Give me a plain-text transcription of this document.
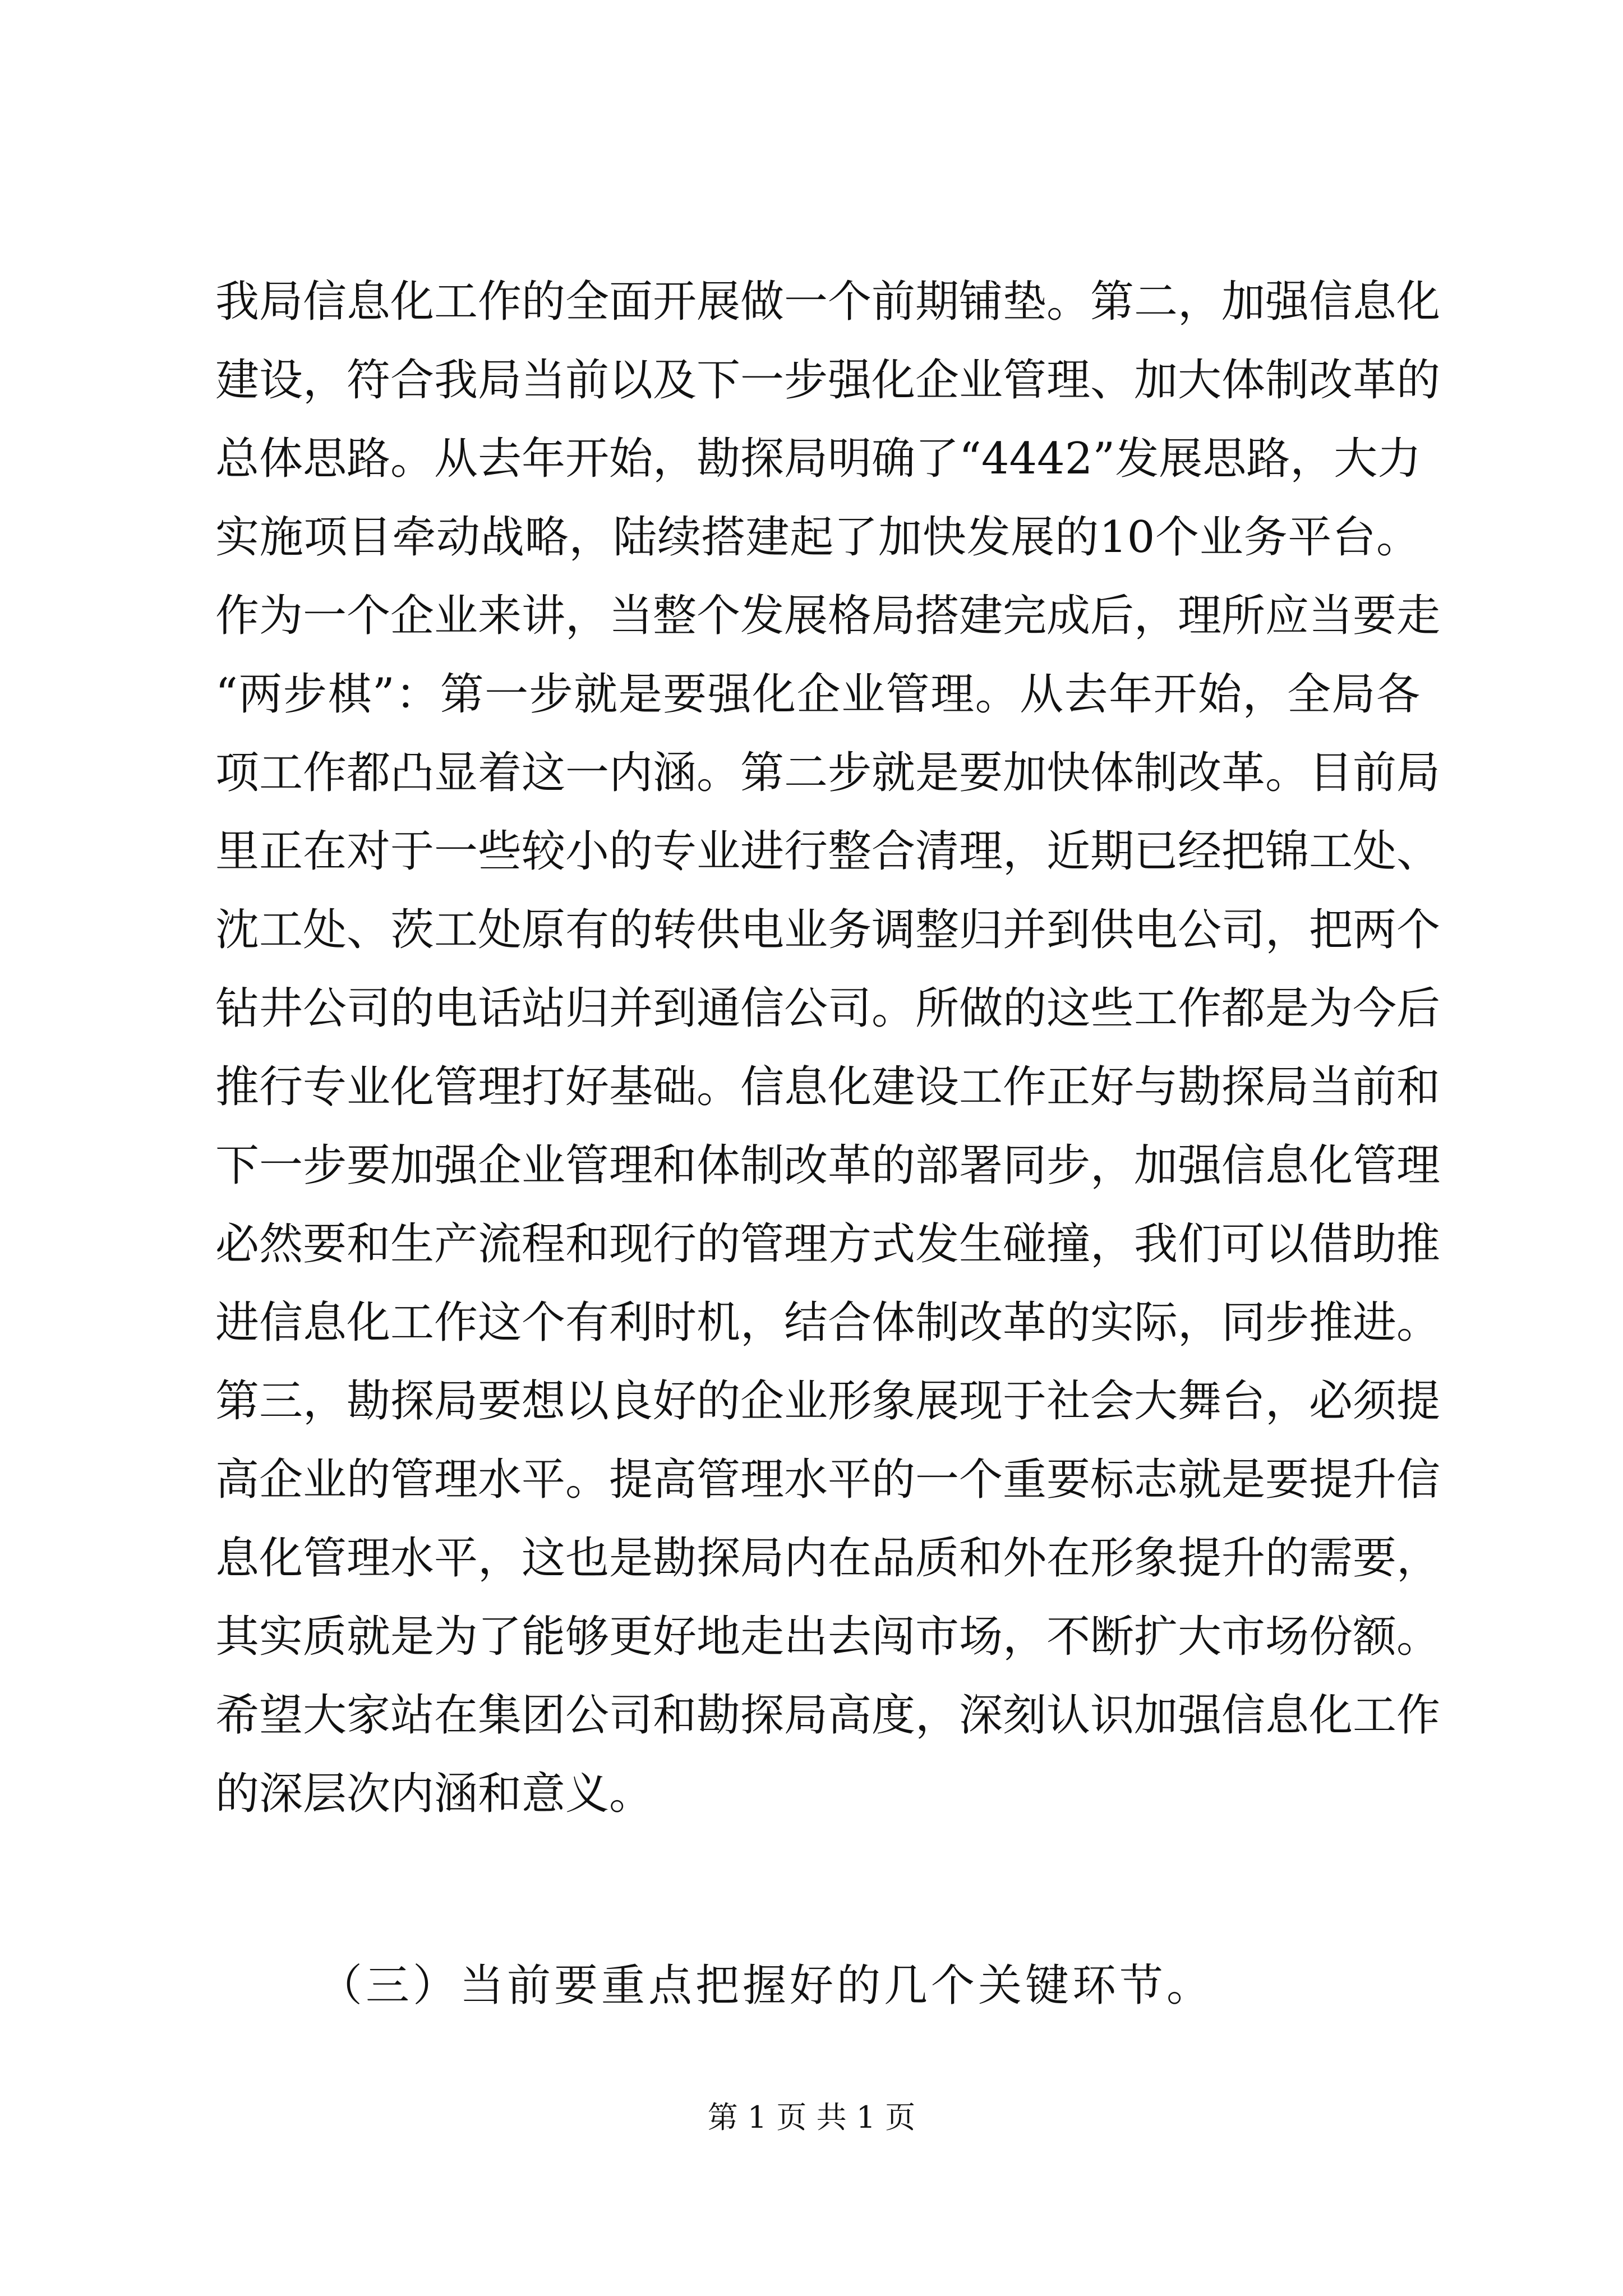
我局信息化工作的全面开展做一个前期铺垫。第二，加强信息化
建设，符合我局当前以及下一步强化企业管理、加大体制改革的
总体思路。从去年开始，勘探局明确了“4442”发展思路，大力
实施项目牵动战略，陆续搭建起了加快发展的10个业务平台。
作为一个企业来讲，当整个发展格局搭建完成后，理所应当要走
“两步棋”：第一步就是要强化企业管理。从去年开始，全局各
项工作都凸显着这一内涵。第二步就是要加快体制改革。目前局
里正在对于一些较小的专业进行整合清理，近期已经把锦工处、
沈工处、茨工处原有的转供电业务调整归并到供电公司，把两个
钻井公司的电话站归并到通信公司。所做的这些工作都是为今后
推行专业化管理打好基础。信息化建设工作正好与勘探局当前和
下一步要加强企业管理和体制改革的部署同步，加强信息化管理
必然要和生产流程和现行的管理方式发生碰撞，我们可以借助推
进信息化工作这个有利时机，结合体制改革的实际，同步推进。
第三，勘探局要想以良好的企业形象展现于社会大舞台，必须提
高企业的管理水平。提高管理水平的一个重要标志就是要提升信
息化管理水平，这也是勘探局内在品质和外在形象提升的需要，
其实质就是为了能够更好地走出去闯市场，不断扩大市场份额。
希望大家站在集团公司和勘探局高度，深刻认识加强信息化工作
的深层次内涵和意义。
（三）当前要重点把握好的几个关键环节。
第 1 页 共 1 页
